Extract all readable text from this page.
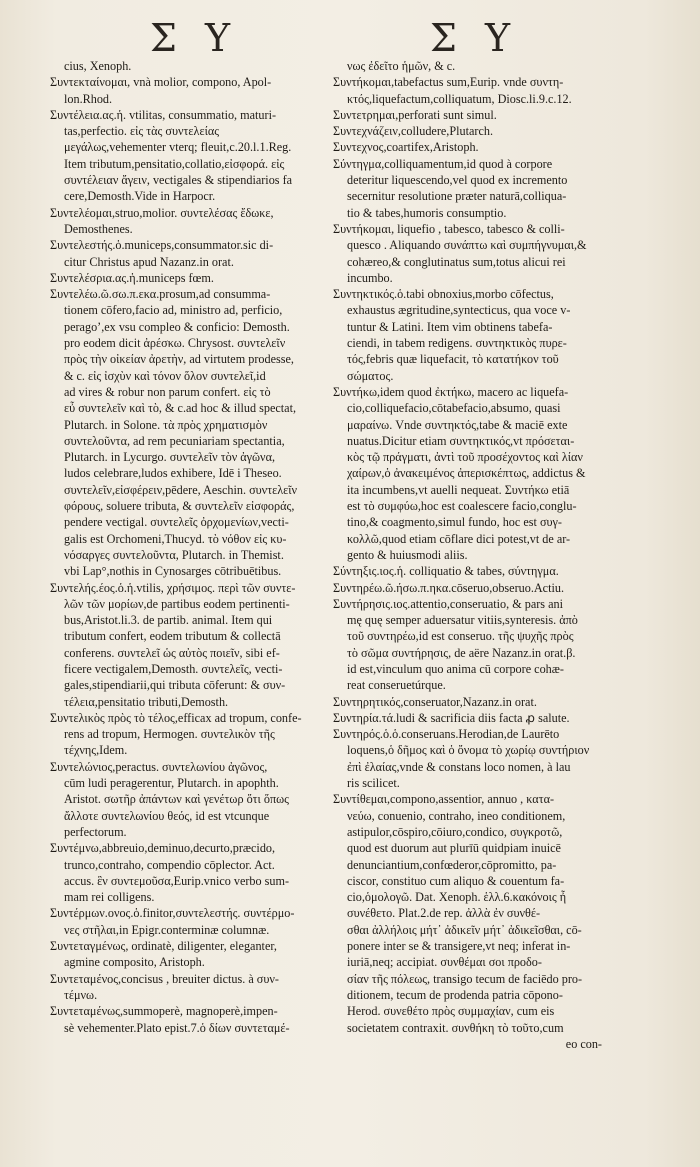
Σ Υ	Σ Υ
cius, Xenoph.
Συντεκταίνομαι, vnà molior, compono, Apol-
lon.Rhod.
Συντέλεια.ας.ἡ. vtilitas, consummatio, maturi-
tas,perfectio. εἰς τὰς συντελείας
μεγάλως,vehementer vterq; fleuit,c.20.l.1.Reg.
Item tributum,pensitatio,collatio,εἰσφορά. εἰς
συντέλειαν ἄγειν, vectigales & stipendiarios fa
cere,Demosth.Vide in Harpocr.
Συντελέομαι,struo,molior. συντελέσας ἔδωκε,
Demosthenes.
Συντελεστής.ὁ.municeps,consummator.sic di-
citur Christus apud Nazanz.in orat.
Συντελέσρια.ας.ἡ.municeps fœm.
Συντελέω.ῶ.σω.π.εκα.prosum,ad consumma-
tionem cōfero,facio ad, ministro ad, perficio,
peragoʼ,ex vsu compleo & conficio: Demosth.
pro eodem dicit ἀρέσκω. Chrysost. συντελεῖν
πρὸς τὴν οἰκείαν ἀρετὴν, ad virtutem prodesse,
& c. εἰς ἰσχὺν καὶ τόνον ὅλον συντελεῖ,id
ad vires & robur non parum confert. εἰς τὸ
εὖ συντελεῖν καὶ τὸ, & c.ad hoc & illud spectat,
Plutarch. in Solone. τὰ πρὸς χρηματισμὸν
συντελοῦντα, ad rem pecuniariam spectantia,
Plutarch. in Lycurgo. συντελεῖν τὸν ἀγῶνα,
ludos celebrare,ludos exhibere, Idē i Theseo.
συντελεῖν,εἰσφέρειν,pēdere, Aeschin. συντελεῖν
φόρους, soluere tributa, & συντελεῖν εἰσφοράς,
pendere vectigal. συντελεῖς ὀρχομενίων,vecti-
galis est Orchomeni,Thucyd. τὸ νόθον εἰς κυ-
νόσαργες συντελοῦντα, Plutarch. in Themist.
vbi Lap°,nothis in Cynosarges cōtribuētibus.
Συντελής.έος.ὁ.ἡ.vtilis, χρήσιμος. περὶ τῶν συντε-
λῶν τῶν μορίων,de partibus eodem pertinenti-
bus,Aristot.li.3. de partib. animal. Item qui
tributum confert, eodem tributum & collectā
conferens. συντελεῖ ὡς αὐτὸς ποιεῖν, sibi ef-
ficere vectigalem,Demosth. συντελεῖς, vecti-
gales,stipendiarii,qui tributa cōferunt: & συν-
τέλεια,pensitatio tributi,Demosth.
Συντελικὸς πρὸς τὸ τέλος,efficax ad tropum, confe-
rens ad tropum, Hermogen. συντελικὸν τῆς
τέχνης,Idem.
Συντελώνιος,peractus. συντελωνίου ἀγῶνος,
cūm ludi peragerentur, Plutarch. in apophth.
Aristot. σωτῆρ ἀπάντων καὶ γενέτωρ ὅτι ὅπως
ἄλλοτε συντελωνίου θεός, id est vtcunque
perfectorum.
Συντέμνω,abbreuio,deminuo,decurto,præcido,
trunco,contraho, compendio cōplector. Act.
accus. ἓν συντεμοῦσα,Eurip.vnico verbo sum-
mam rei colligens.
Συντέρμων.ονος.ὁ.finitor,συντελεστής. συντέρμο-
νες στῆλαι,in Epigr.conterminæ columnæ.
Συντεταγμένως, ordinatè, diligenter, eleganter,
agmine composito, Aristoph.
Συντεταμένος,concisus , breuiter dictus. à συν-
τέμνω.
Συντεταμένως,summoperè, magnoperè,impen-
sè vehementer.Plato epist.7.ὁ δίων συντεταμέ-
νως ἐδεῖτο ἡμῶν, & c.
Συντήκομαι,tabefactus sum,Eurip. vnde συντη-
κτός,liquefactum,colliquatum, Diosc.li.9.c.12.
Συντετρημαι,perforati sunt simul.
Συντεχνάζειν,colludere,Plutarch.
Συντεχνος,coartifex,Aristoph.
Σύντηγμα,colliquamentum,id quod à corpore
deteritur liquescendo,vel quod ex incremento
secernitur resolutione præter naturā,colliqua-
tio & tabes,humoris consumptio.
Συντήκομαι, liquefio , tabesco, tabesco & colli-
quesco . Aliquando συνάπτω καὶ συμπήγνυμαι,&
cohæreo,& conglutinatus sum,totus alicui rei
incumbo.
Συντηκτικός.ὁ.tabi obnoxius,morbo cōfectus,
exhaustus ægritudine,syntecticus, qua voce v-
tuntur & Latini. Item vim obtinens tabefa-
ciendi, in tabem redigens. συντηκτικὸς πυρε-
τός,febris quæ liquefacit, τὸ κατατήκον τοῦ
σώματος.
Συντήκω,idem quod ἐκτήκω, macero ac liquefa-
cio,colliquefacio,cōtabefacio,absumo, quasi
μαραίνω. Vnde συντηκτός,tabe & maciē exte
nuatus.Dicitur etiam συντηκτικός,vt πρόσεται-
κὸς τῷ πράγματι, ἀντὶ τοῦ προσέχοντος καὶ λίαν
χαίρων,ὁ ἀνακειμένος ἀπερισκέπτως, addictus &
ita incumbens,vt auelli nequeat. Συντήκω etiā
est τὸ συμφύω,hoc est coalescere facio,conglu-
tino,& coagmento,simul fundo, hoc est συγ-
κολλῶ,quod etiam cōflare dici potest,vt de ar-
gento & huiusmodi aliis.
Σύντηξις.ιος.ἡ. colliquatio & tabes, σύντηγμα.
Συντηρέω.ῶ.ήσω.π.ηκα.cōseruo,obseruo.Actiu.
Συντήρησις.ιος.attentio,conseruatio, & pars ani
mę quę semper aduersatur vitiis,synteresis. ἀπὸ
τοῦ συντηρέω,id est conseruo. τῆς ψυχῆς πρὸς
τὸ σῶμα συντήρησις, de aëre Nazanz.in orat.β.
id est,vinculum quo anima cū corpore cohæ-
reat conseruetúrque.
Συντηρητικός,conseruator,Nazanz.in orat.
Συντηρία.τά.ludi & sacrificia diis facta ꝓ salute.
Συντηρός.ὁ.ὁ.conseruans.Herodian,de Laurēto
loquens,ὁ δῆμος καὶ ὁ ὄνομα τὸ χωρίῳ συντήριον
ἐπὶ ἐλαίας,vnde & constans loco nomen, à lau
ris scilicet.
Συντίθεμαι,compono,assentior, annuo , κατα-
νεύω, conuenio, contraho, ineo conditionem,
astipulor,cōspiro,cōiuro,condico, συγκροτῶ,
quod est duorum aut plurīū quidpiam inuicē
denunciantium,confœderor,cōpromitto, pa-
ciscor, constituo cum aliquo & couentum fa-
cio,ὁμολογῶ. Dat. Xenoph. ἑλλ.6.κακόνοις ἦ
συνέθετο. Plat.2.de rep. ἀλλὰ ἐν συνθέ-
σθαι ἀλλήλοις μήτ᾽ ἀδικεῖν μήτ᾽ ἀδικεῖσθαι, cō-
ponere inter se & transigere,vt neq; inferat in-
iuriā,neq; accipiat. συνθέμαι σοι προδο-
σίαν τῆς πόλεως, transigo tecum de faciēdo pro-
ditionem, tecum de prodenda patria cōpono-
Herod. συνεθέτο πρὸς συμμαχίαν, cum eis
societatem contraxit. συνθήκη τὸ τοῦτο,cum
eo con-
